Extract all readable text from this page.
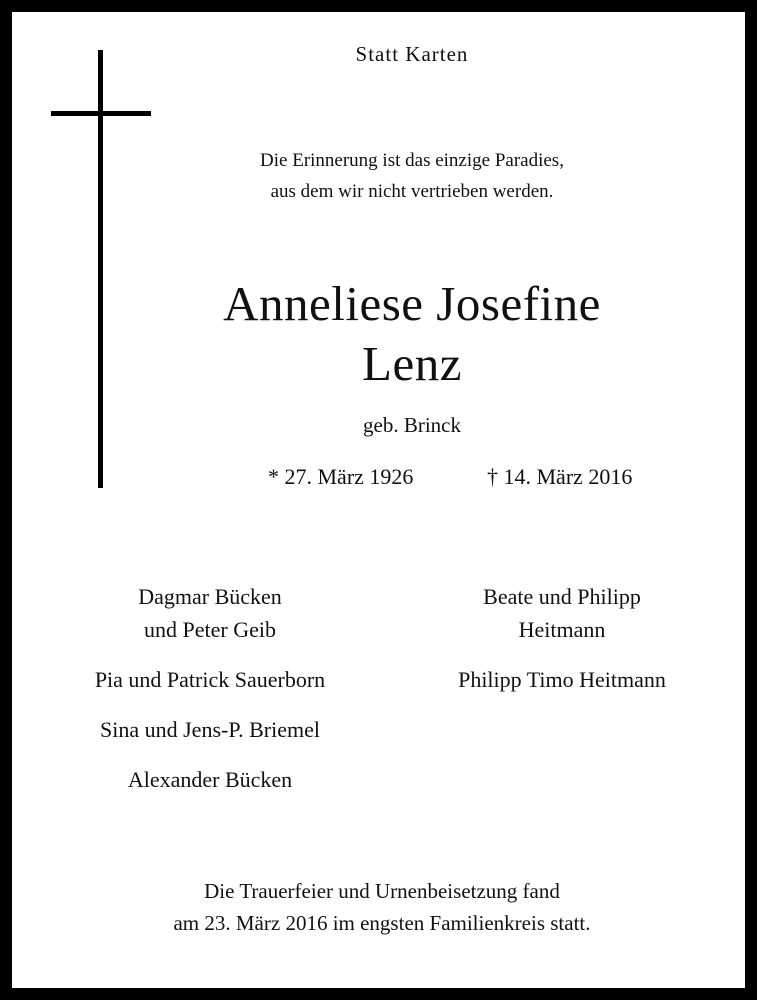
Statt Karten
Die Erinnerung ist das einzige Paradies,
aus dem wir nicht vertrieben werden.
Anneliese Josefine
Lenz
geb. Brinck
* 27. März 1926	† 14. März 2016
Dagmar Bücken
und Peter Geib
Pia und Patrick Sauerborn
Sina und Jens-P. Briemel
Alexander Bücken
Beate und Philipp
Heitmann
Philipp Timo Heitmann
Die Trauerfeier und Urnenbeisetzung fand
am 23. März 2016 im engsten Familienkreis statt.
